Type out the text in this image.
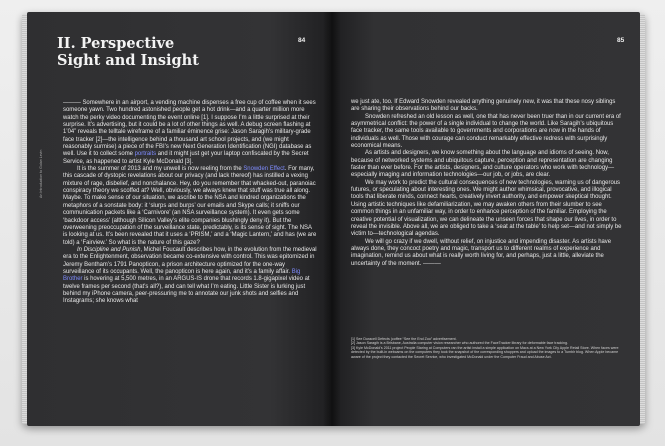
II. Perspective
Sight and Insight
84
An Introduction to Golan Levin

——— Somewhere in an airport, a vending machine dispenses a free cup of coffee when it sees someone yawn. Two hundred astonished people get a hot drink—and a quarter million more watch the perky video documenting the event online [1]. I suppose I’m a little surprised at their surprise. It’s advertising, but it could be a lot of other things as well. A debug screen flashing at 1’04” reveals the telltale wireframe of a familiar éminence grise: Jason Saragih’s military-grade face tracker [2]—the intelligence behind a thousand art school projects, and (we might reasonably surmise) a piece of the FBI’s new Next Generation Identification (NGI) database as well. Use it to collect some portraits and it might just get your laptop confiscated by the Secret Service, as happened to artist Kyle McDonald [3].

It is the summer of 2013 and my unwell is now reeling from the Snowden Effect. For many, this cascade of dystopic revelations about our privacy (and lack thereof) has instilled a vexing mixture of rage, disbelief, and nonchalance. Hey, do you remember that whacked-out, paranoiac conspiracy theory we scoffed at? Well, obviously, we always knew that stuff was true all along. Maybe. To make sense of our situation, we ascribe to the NSA and kindred organizations the metaphors of a sonstate body: it ‘slurps and burps’ our emails and Skype calls; it sniffs our communication packets like a ‘Carnivore’ (an NSA surveillance system). It even gets some ‘backdoor access’ (although Silicon Valley’s elite companies blushingly deny it). But the overweening preoccupation of the surveillance state, predictably, is its sense of sight. The NSA is looking at us. It’s been revealed that it uses a ‘PRISM,’ and a ‘Magic Lantern,’ and has (we are told) a ‘Fairview.’ So what is the nature of this gaze?

In Discipline and Punish, Michel Foucault describes how, in the evolution from the medieval era to the Enlightenment, observation became co-extensive with control. This was epitomized in Jeremy Bentham’s 1791 Panopticon, a prison architecture optimized for the one-way surveillance of its occupants. Well, the panopticon is here again, and it’s a family affair. Big Brother is hovering at 5,500 metres, in an ARGUS-IS drone that records 1.8-gigapixel video at twelve frames per second (that’s all?), and can tell what I’m eating. Little Sister is lurking just behind my iPhone camera, peer-pressuring me to annotate our junk shots and selfies and Instagrams; she knows what

85

we just ate, too. If Edward Snowden revealed anything genuinely new, it was that these nosy siblings are sharing their observations behind our backs.

Snowden refreshed an old lesson as well, one that has never been truer than in our current era of asymmetrical conflict: the power of a single individual to change the world. Like Saragih’s ubiquitous face tracker, the same tools available to governments and corporations are now in the hands of individuals as well. Those with courage can conduct remarkably effective redress with surprisingly economical means.

As artists and designers, we know something about the language and idioms of seeing. Now, because of networked systems and ubiquitous capture, perception and representation are changing faster than ever before. For the artists, designers, and culture operators who work with technology—especially imaging and information technologies—our job, or jobs, are clear.

We may work to predict the cultural consequences of new technologies, warning us of dangerous futures, or speculating about interesting ones. We might author whimsical, provocative, and illogical tools that liberate minds, connect hearts, creatively invert authority, and empower skeptical thought. Using artistic techniques like defamiliarization, we may awaken others from their slumber to see common things in an unfamiliar way, in order to enhance perception of the familiar. Employing the creative potential of visualization, we can delineate the unseen forces that shape our lives, in order to reveal the invisible. Above all, we are obliged to take a ‘seat at the table’ to help set—and not simply be victim to—technological agendas.

We will go crazy if we dwell, without relief, on injustice and impending disaster. As artists have always done, they concoct poetry and magic, transport us to different realms of experience and imagination, remind us about what is really worth living for, and perhaps, just a little, alleviate the uncertainty of the moment. ———

[1] See Duracell Defects (coffee “See the End Zoo” advertisement.
[2] Jason Saragih is a Brisbane, Australia computer vision researcher who authored the FaceTracker library for deformable face tracking.
[3] Kyle McDonald’s 2011 project People Staring at Computers ran the artist install a simple application on Macs at a New York City Apple Retail Store. When faces were detected by the built-in webcams on the computers they took the snapshot of the corresponding shoppers and upload the images to a Tumblr blog. When Apple became aware of the project they contacted the Secret Service, who investigated McDonald under the Computer Fraud and Abuse Act.
